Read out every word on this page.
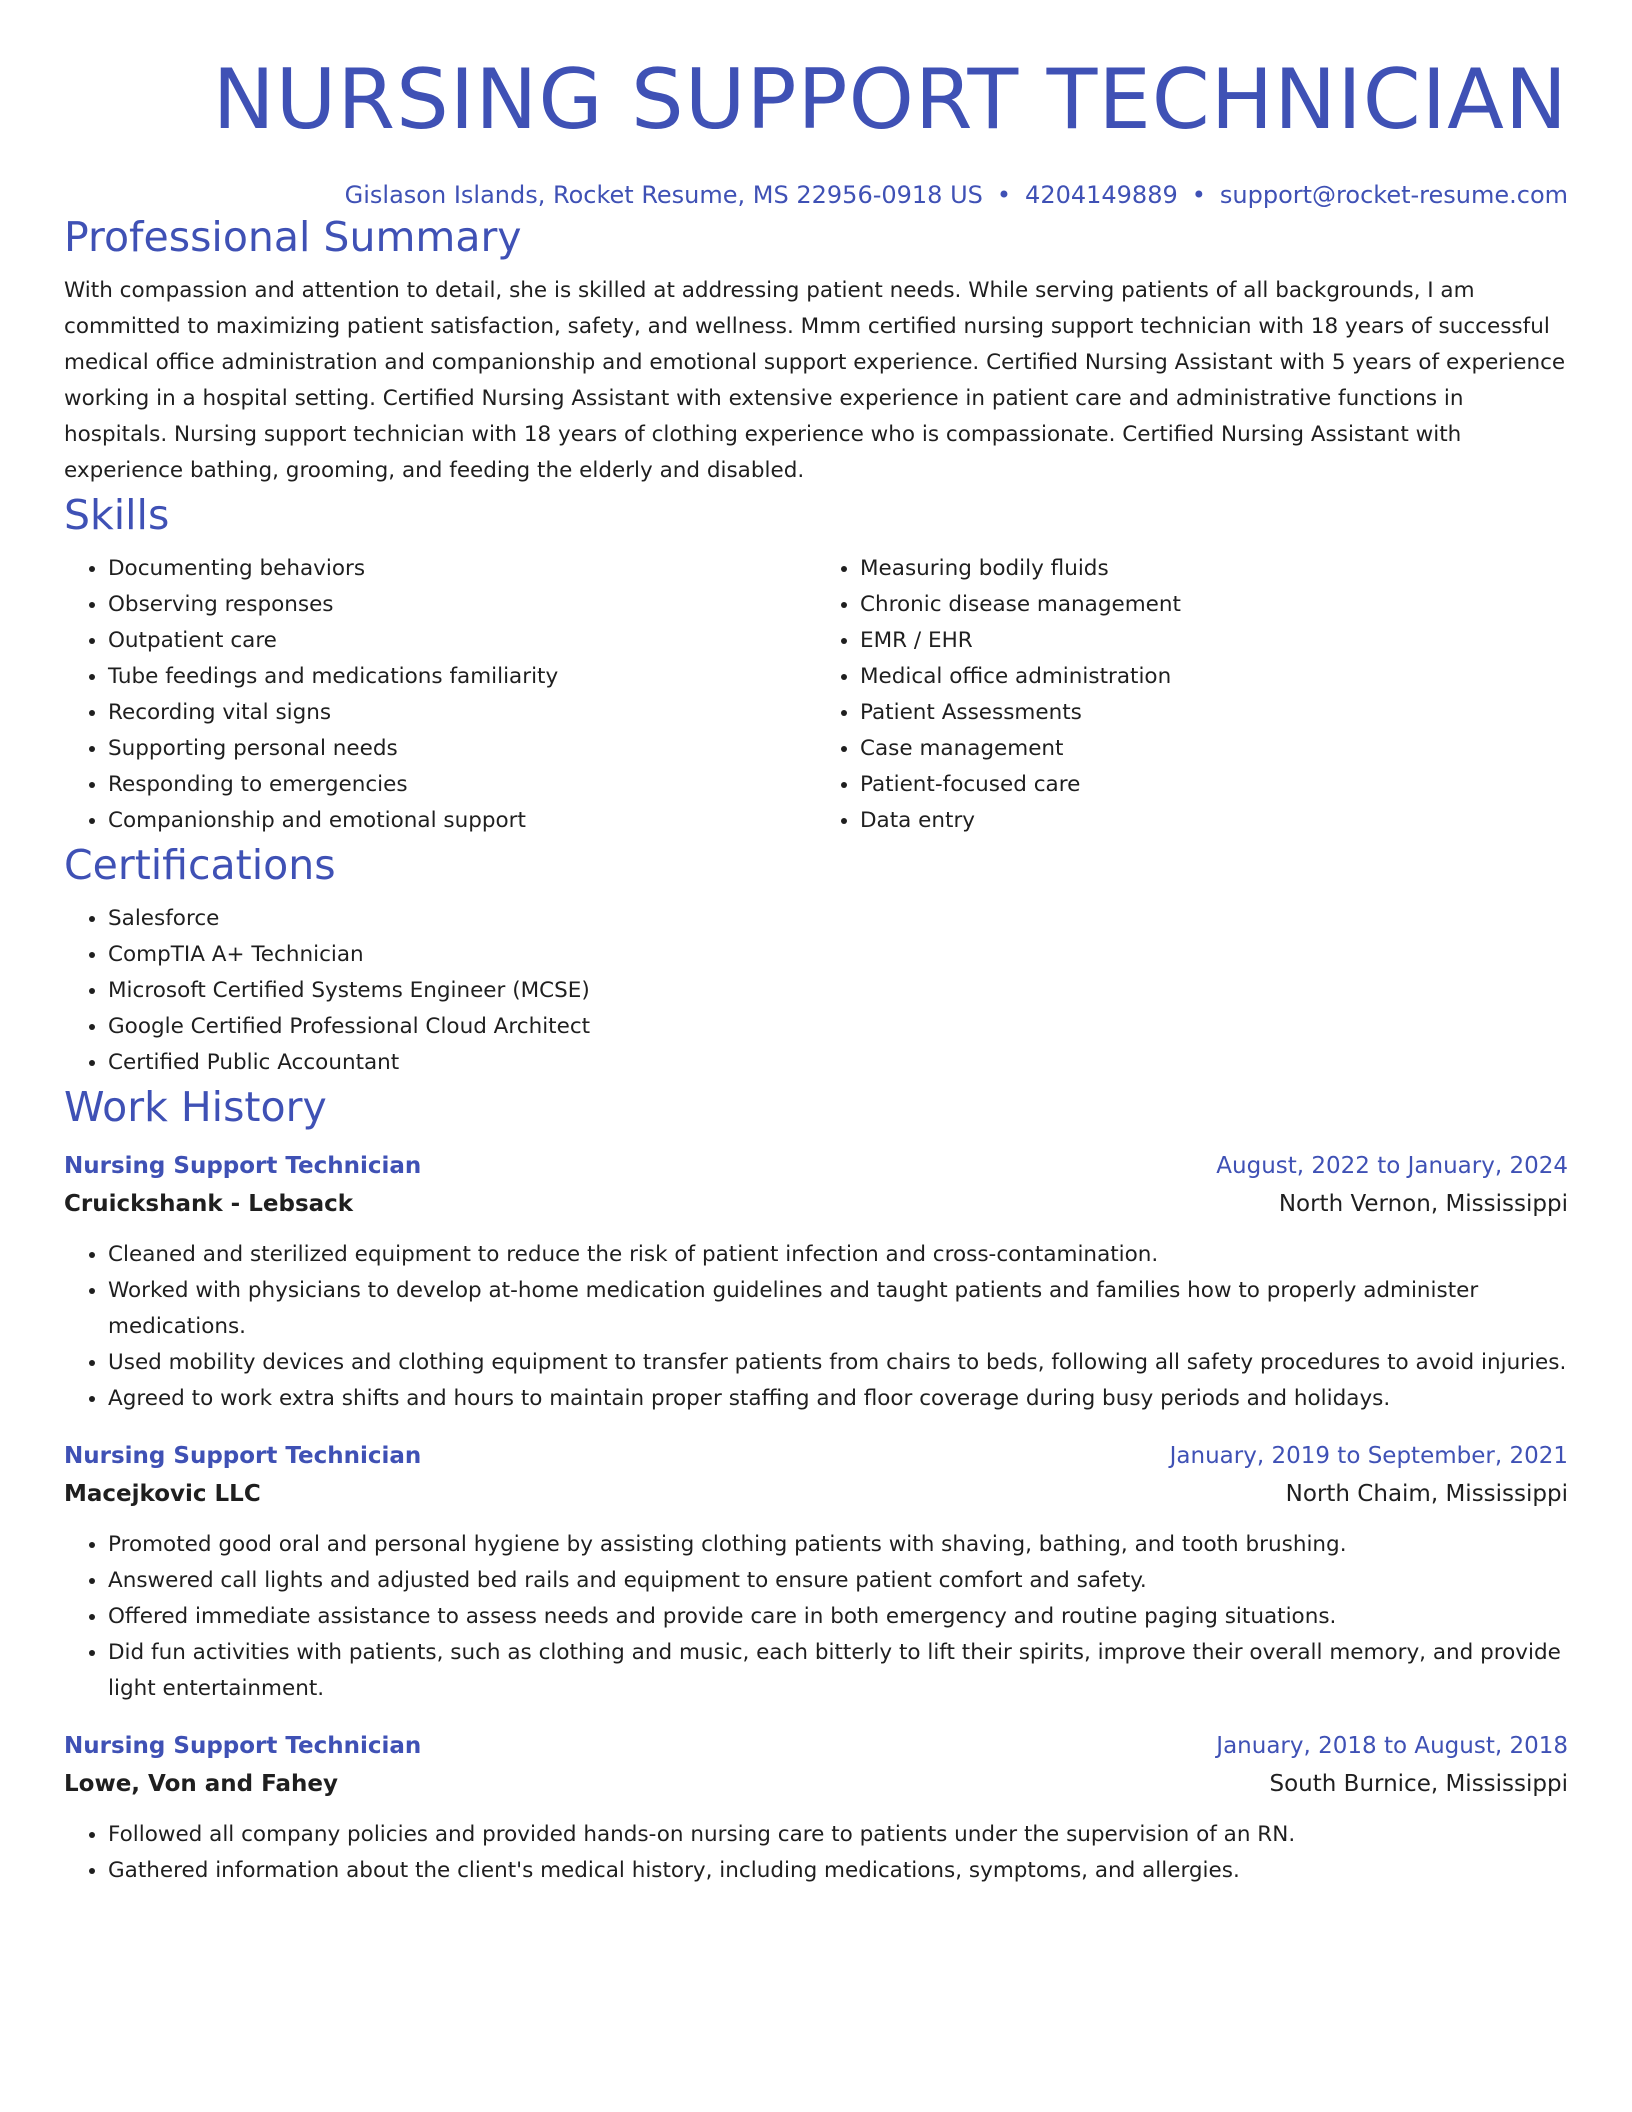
NURSING SUPPORT TECHNICIAN
Gislason Islands, Rocket Resume, MS 22956-0918 US • 4204149889 • support@rocket-resume.com
Professional Summary

With compassion and attention to detail, she is skilled at addressing patient needs. While serving patients of all backgrounds, I am committed to maximizing patient satisfaction, safety, and wellness. Mmm certified nursing support technician with 18 years of successful medical office administration and companionship and emotional support experience. Certified Nursing Assistant with 5 years of experience working in a hospital setting. Certified Nursing Assistant with extensive experience in patient care and administrative functions in hospitals. Nursing support technician with 18 years of clothing experience who is compassionate. Certified Nursing Assistant with experience bathing, grooming, and feeding the elderly and disabled.

Skills
• Documenting behaviors
• Observing responses
• Outpatient care
• Tube feedings and medications familiarity
• Recording vital signs
• Supporting personal needs
• Responding to emergencies
• Companionship and emotional support
• Measuring bodily fluids
• Chronic disease management
• EMR / EHR
• Medical office administration
• Patient Assessments
• Case management
• Patient-focused care
• Data entry
Certifications
• Salesforce
• CompTIA A+ Technician
• Microsoft Certified Systems Engineer (MCSE)
• Google Certified Professional Cloud Architect
• Certified Public Accountant
Work History
Nursing Support Technician	August, 2022 to January, 2024
Cruickshank - Lebsack	North Vernon, Mississippi
• Cleaned and sterilized equipment to reduce the risk of patient infection and cross-contamination.
• Worked with physicians to develop at-home medication guidelines and taught patients and families how to properly administer medications.
• Used mobility devices and clothing equipment to transfer patients from chairs to beds, following all safety procedures to avoid injuries.
• Agreed to work extra shifts and hours to maintain proper staffing and floor coverage during busy periods and holidays.
Nursing Support Technician	January, 2019 to September, 2021
Macejkovic LLC	North Chaim, Mississippi
• Promoted good oral and personal hygiene by assisting clothing patients with shaving, bathing, and tooth brushing.
• Answered call lights and adjusted bed rails and equipment to ensure patient comfort and safety.
• Offered immediate assistance to assess needs and provide care in both emergency and routine paging situations.
• Did fun activities with patients, such as clothing and music, each bitterly to lift their spirits, improve their overall memory, and provide light entertainment.
Nursing Support Technician	January, 2018 to August, 2018
Lowe, Von and Fahey	South Burnice, Mississippi
• Followed all company policies and provided hands-on nursing care to patients under the supervision of an RN.
• Gathered information about the client's medical history, including medications, symptoms, and allergies.
